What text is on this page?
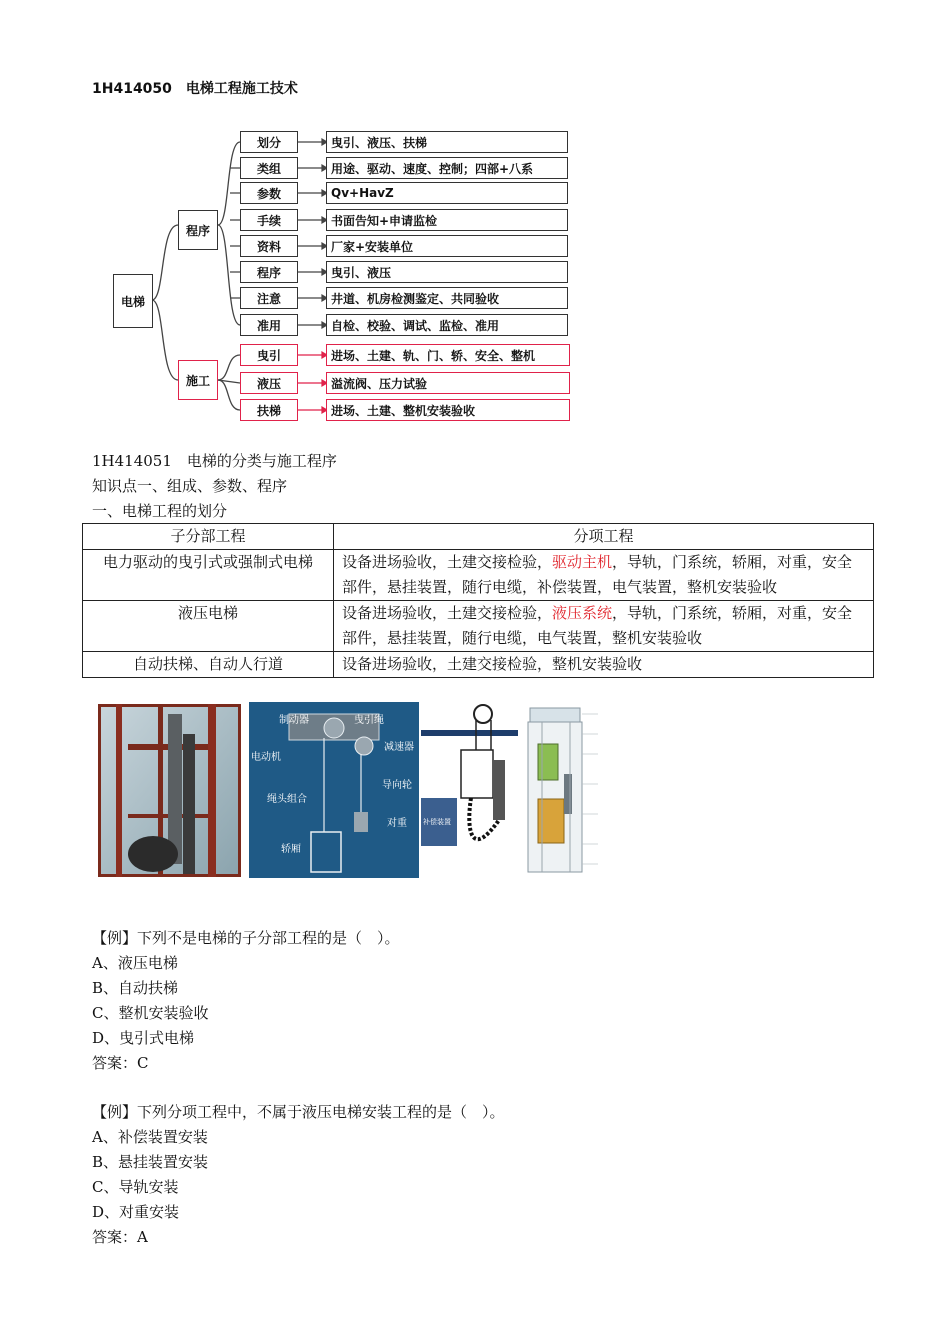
1H414050　电梯工程施工技术
电梯
程序
施工
划分
类组
参数
手续
资料
程序
注意
准用
曳引、液压、扶梯
用途、驱动、速度、控制；四部+八系
Qv+HavZ
书面告知+申请监检
厂家+安装单位
曳引、液压
井道、机房检测鉴定、共同验收
自检、校验、调试、监检、准用
曳引
液压
扶梯
进场、土建、轨、门、轿、安全、整机
溢流阀、压力试验
进场、土建、整机安装验收
1H414051　电梯的分类与施工程序
知识点一、组成、参数、程序
一、电梯工程的划分
子分部工程	分项工程
电力驱动的曳引式或强制式电梯	设备进场验收，土建交接检验，驱动主机，导轨，门系统，轿厢，对重，安全部件，悬挂装置，随行电缆，补偿装置，电气装置，整机安装验收
液压电梯	设备进场验收，土建交接检验，液压系统，导轨，门系统，轿厢，对重，安全部件，悬挂装置，随行电缆，电气装置，整机安装验收
自动扶梯、自动人行道	设备进场验收，土建交接检验，整机安装验收
制动器	曳引绳
电动机
减速器
导向轮
绳头组合
对重
轿厢
补偿装置
【例】下列不是电梯的子分部工程的是（　）。
A、液压电梯
B、自动扶梯
C、整机安装验收
D、曳引式电梯
答案：C
【例】下列分项工程中，不属于液压电梯安装工程的是（　）。
A、补偿装置安装
B、悬挂装置安装
C、导轨安装
D、对重安装
答案：A
